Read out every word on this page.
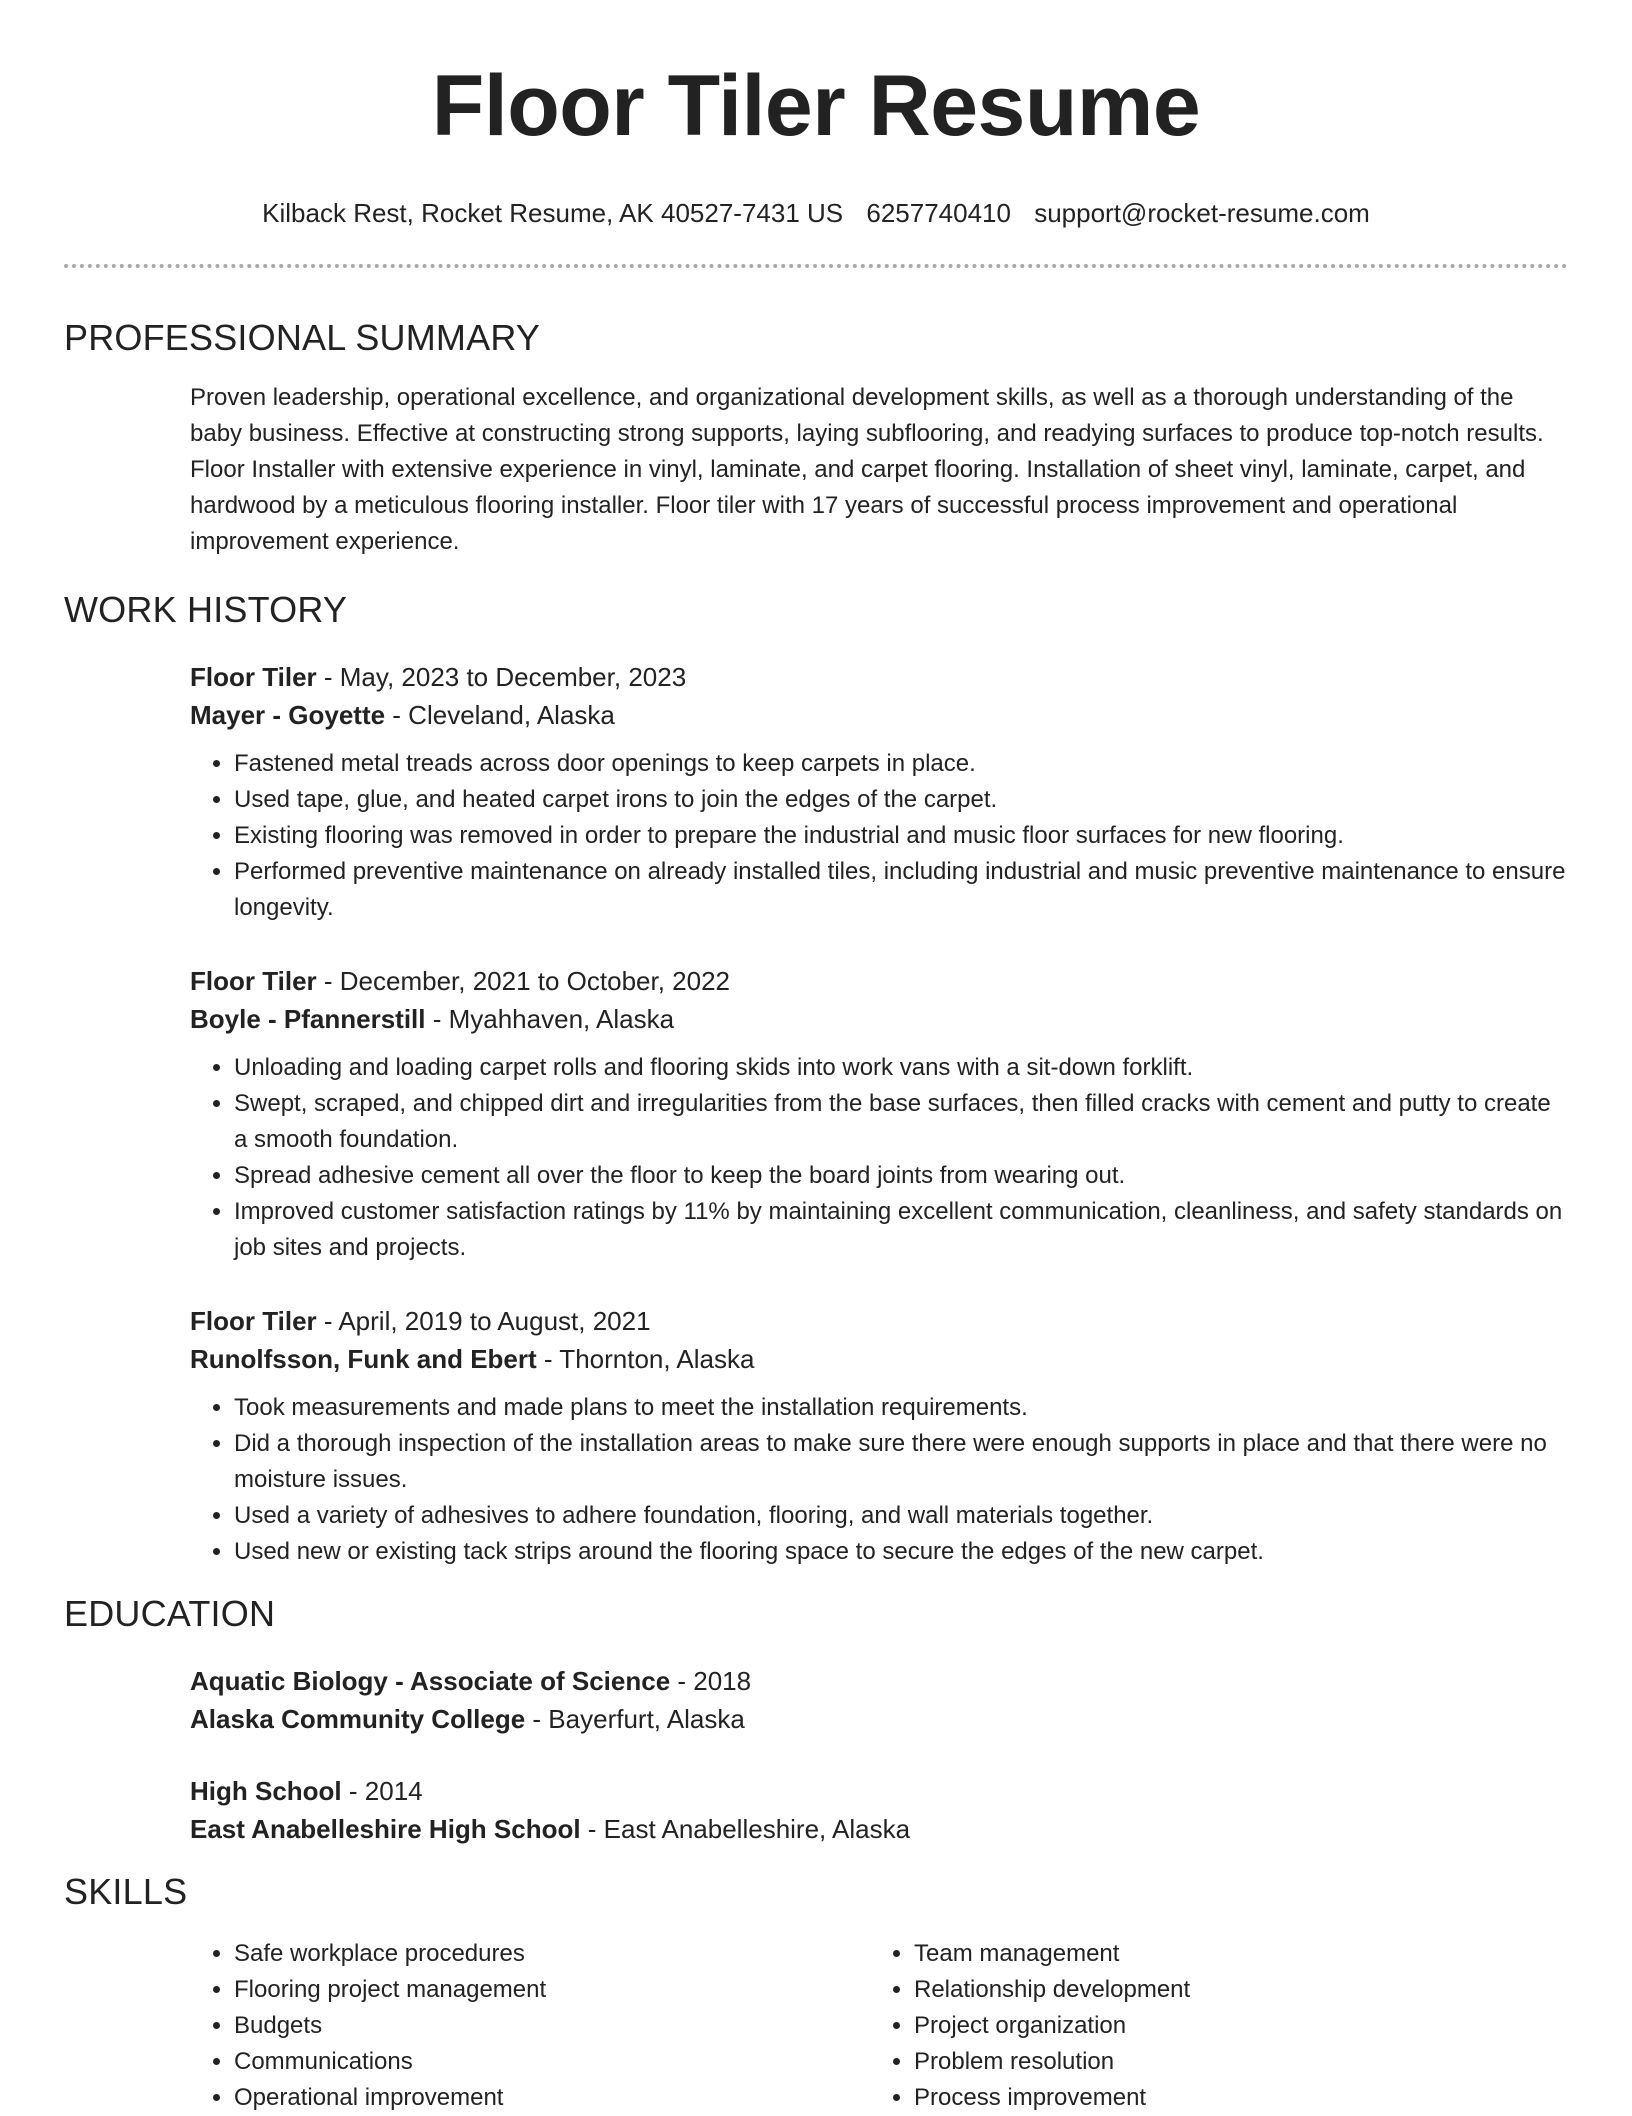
Floor Tiler Resume
Kilback Rest, Rocket Resume, AK 40527-7431 US 6257740410 support@rocket-resume.com
PROFESSIONAL SUMMARY
Proven leadership, operational excellence, and organizational development skills, as well as a thorough understanding of the baby business. Effective at constructing strong supports, laying subflooring, and readying surfaces to produce top-notch results. Floor Installer with extensive experience in vinyl, laminate, and carpet flooring. Installation of sheet vinyl, laminate, carpet, and hardwood by a meticulous flooring installer. Floor tiler with 17 years of successful process improvement and operational improvement experience.
WORK HISTORY
Floor Tiler - May, 2023 to December, 2023
Mayer - Goyette - Cleveland, Alaska
• Fastened metal treads across door openings to keep carpets in place.
• Used tape, glue, and heated carpet irons to join the edges of the carpet.
• Existing flooring was removed in order to prepare the industrial and music floor surfaces for new flooring.
• Performed preventive maintenance on already installed tiles, including industrial and music preventive maintenance to ensure longevity.
Floor Tiler - December, 2021 to October, 2022
Boyle - Pfannerstill - Myahhaven, Alaska
• Unloading and loading carpet rolls and flooring skids into work vans with a sit-down forklift.
• Swept, scraped, and chipped dirt and irregularities from the base surfaces, then filled cracks with cement and putty to create a smooth foundation.
• Spread adhesive cement all over the floor to keep the board joints from wearing out.
• Improved customer satisfaction ratings by 11% by maintaining excellent communication, cleanliness, and safety standards on job sites and projects.
Floor Tiler - April, 2019 to August, 2021
Runolfsson, Funk and Ebert - Thornton, Alaska
• Took measurements and made plans to meet the installation requirements.
• Did a thorough inspection of the installation areas to make sure there were enough supports in place and that there were no moisture issues.
• Used a variety of adhesives to adhere foundation, flooring, and wall materials together.
• Used new or existing tack strips around the flooring space to secure the edges of the new carpet.
EDUCATION
Aquatic Biology - Associate of Science - 2018
Alaska Community College - Bayerfurt, Alaska
High School - 2014
East Anabelleshire High School - East Anabelleshire, Alaska
SKILLS
• Safe workplace procedures
• Flooring project management
• Budgets
• Communications
• Operational improvement
• Team management
• Relationship development
• Project organization
• Problem resolution
• Process improvement
